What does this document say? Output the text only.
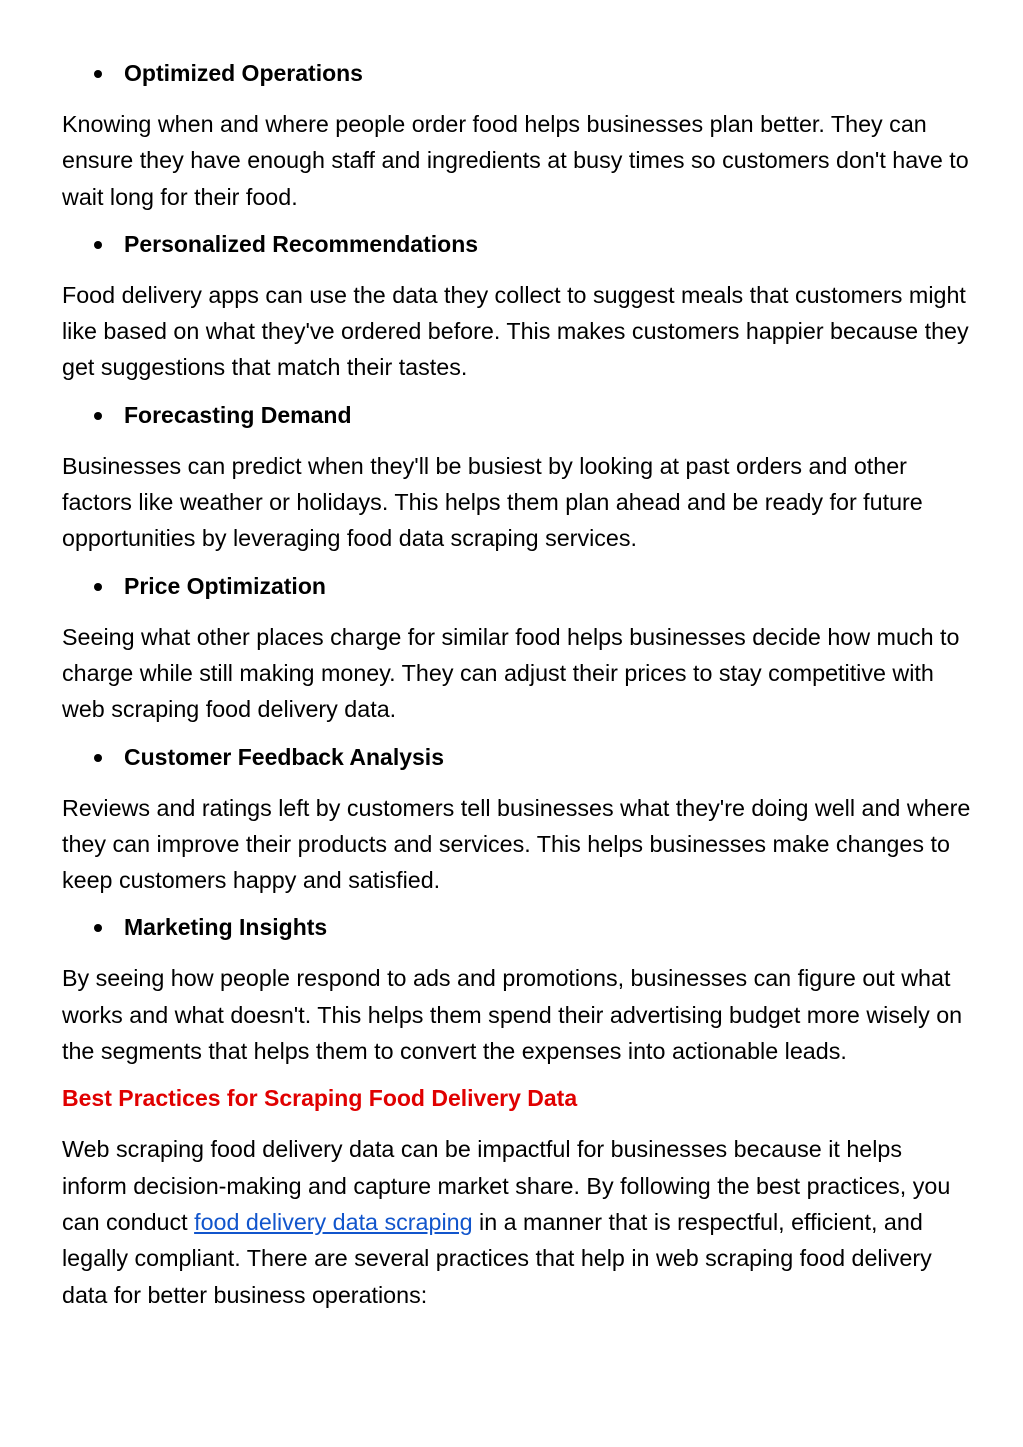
Optimized Operations

Knowing when and where people order food helps businesses plan better. They can ensure they have enough staff and ingredients at busy times so customers don't have to wait long for their food.

Personalized Recommendations

Food delivery apps can use the data they collect to suggest meals that customers might like based on what they've ordered before. This makes customers happier because they get suggestions that match their tastes.

Forecasting Demand

Businesses can predict when they'll be busiest by looking at past orders and other factors like weather or holidays. This helps them plan ahead and be ready for future opportunities by leveraging food data scraping services.

Price Optimization

Seeing what other places charge for similar food helps businesses decide how much to charge while still making money. They can adjust their prices to stay competitive with web scraping food delivery data.

Customer Feedback Analysis

Reviews and ratings left by customers tell businesses what they're doing well and where they can improve their products and services. This helps businesses make changes to keep customers happy and satisfied.

Marketing Insights

By seeing how people respond to ads and promotions, businesses can figure out what works and what doesn't. This helps them spend their advertising budget more wisely on the segments that helps them to convert the expenses into actionable leads.

Best Practices for Scraping Food Delivery Data

Web scraping food delivery data can be impactful for businesses because it helps inform decision-making and capture market share. By following the best practices, you can conduct food delivery data scraping in a manner that is respectful, efficient, and legally compliant. There are several practices that help in web scraping food delivery data for better business operations:
